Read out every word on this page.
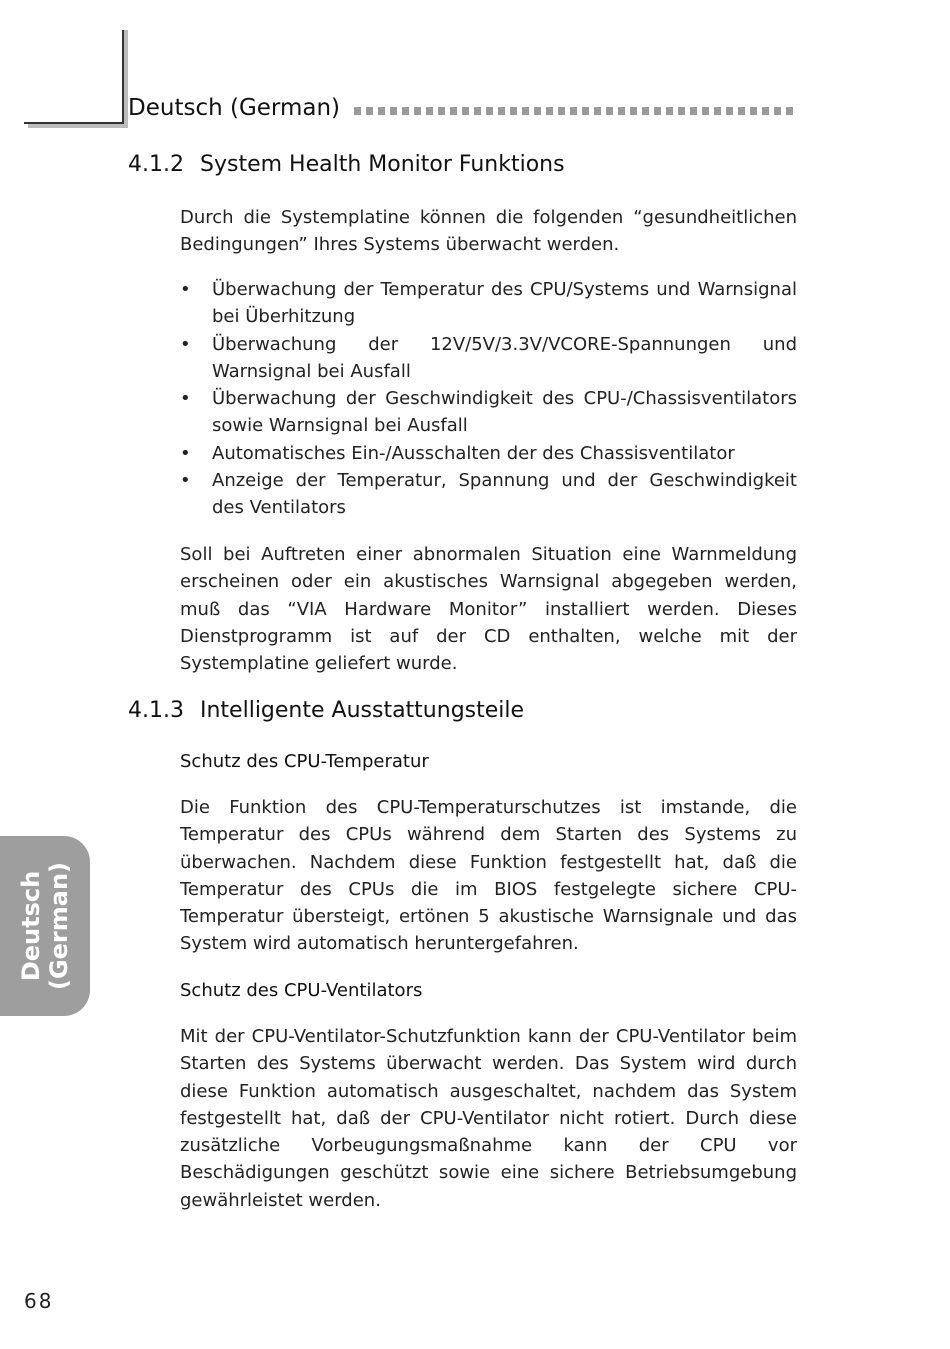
Deutsch (German)
4.1.2 System Health Monitor Funktions

Durch die Systemplatine können die folgenden “gesundheitlichen Bedingungen” Ihres Systems überwacht werden.

• Überwachung der Temperatur des CPU/Systems und Warnsignal bei Überhitzung
• Überwachung der 12V/5V/3.3V/VCORE-Spannungen und Warnsignal bei Ausfall
• Überwachung der Geschwindigkeit des CPU-/Chassisventilators sowie Warnsignal bei Ausfall
• Automatisches Ein-/Ausschalten der des Chassisventilator
• Anzeige der Temperatur, Spannung und der Geschwindigkeit des Ventilators

Soll bei Auftreten einer abnormalen Situation eine Warnmeldung erscheinen oder ein akustisches Warnsignal abgegeben werden, muß das “VIA Hardware Monitor” installiert werden. Dieses Dienstprogramm ist auf der CD enthalten, welche mit der Systemplatine geliefert wurde.

4.1.3 Intelligente Ausstattungsteile

Schutz des CPU-Temperatur

Die Funktion des CPU-Temperaturschutzes ist imstande, die Temperatur des CPUs während dem Starten des Systems zu überwachen. Nachdem diese Funktion festgestellt hat, daß die Temperatur des CPUs die im BIOS festgelegte sichere CPU-Temperatur übersteigt, ertönen 5 akustische Warnsignale und das System wird automatisch heruntergefahren.

Schutz des CPU-Ventilators

Mit der CPU-Ventilator-Schutzfunktion kann der CPU-Ventilator beim Starten des Systems überwacht werden. Das System wird durch diese Funktion automatisch ausgeschaltet, nachdem das System festgestellt hat, daß der CPU-Ventilator nicht rotiert. Durch diese zusätzliche Vorbeugungsmaßnahme kann der CPU vor Beschädigungen geschützt sowie eine sichere Betriebsumgebung gewährleistet werden.

Deutsch (German)
68
